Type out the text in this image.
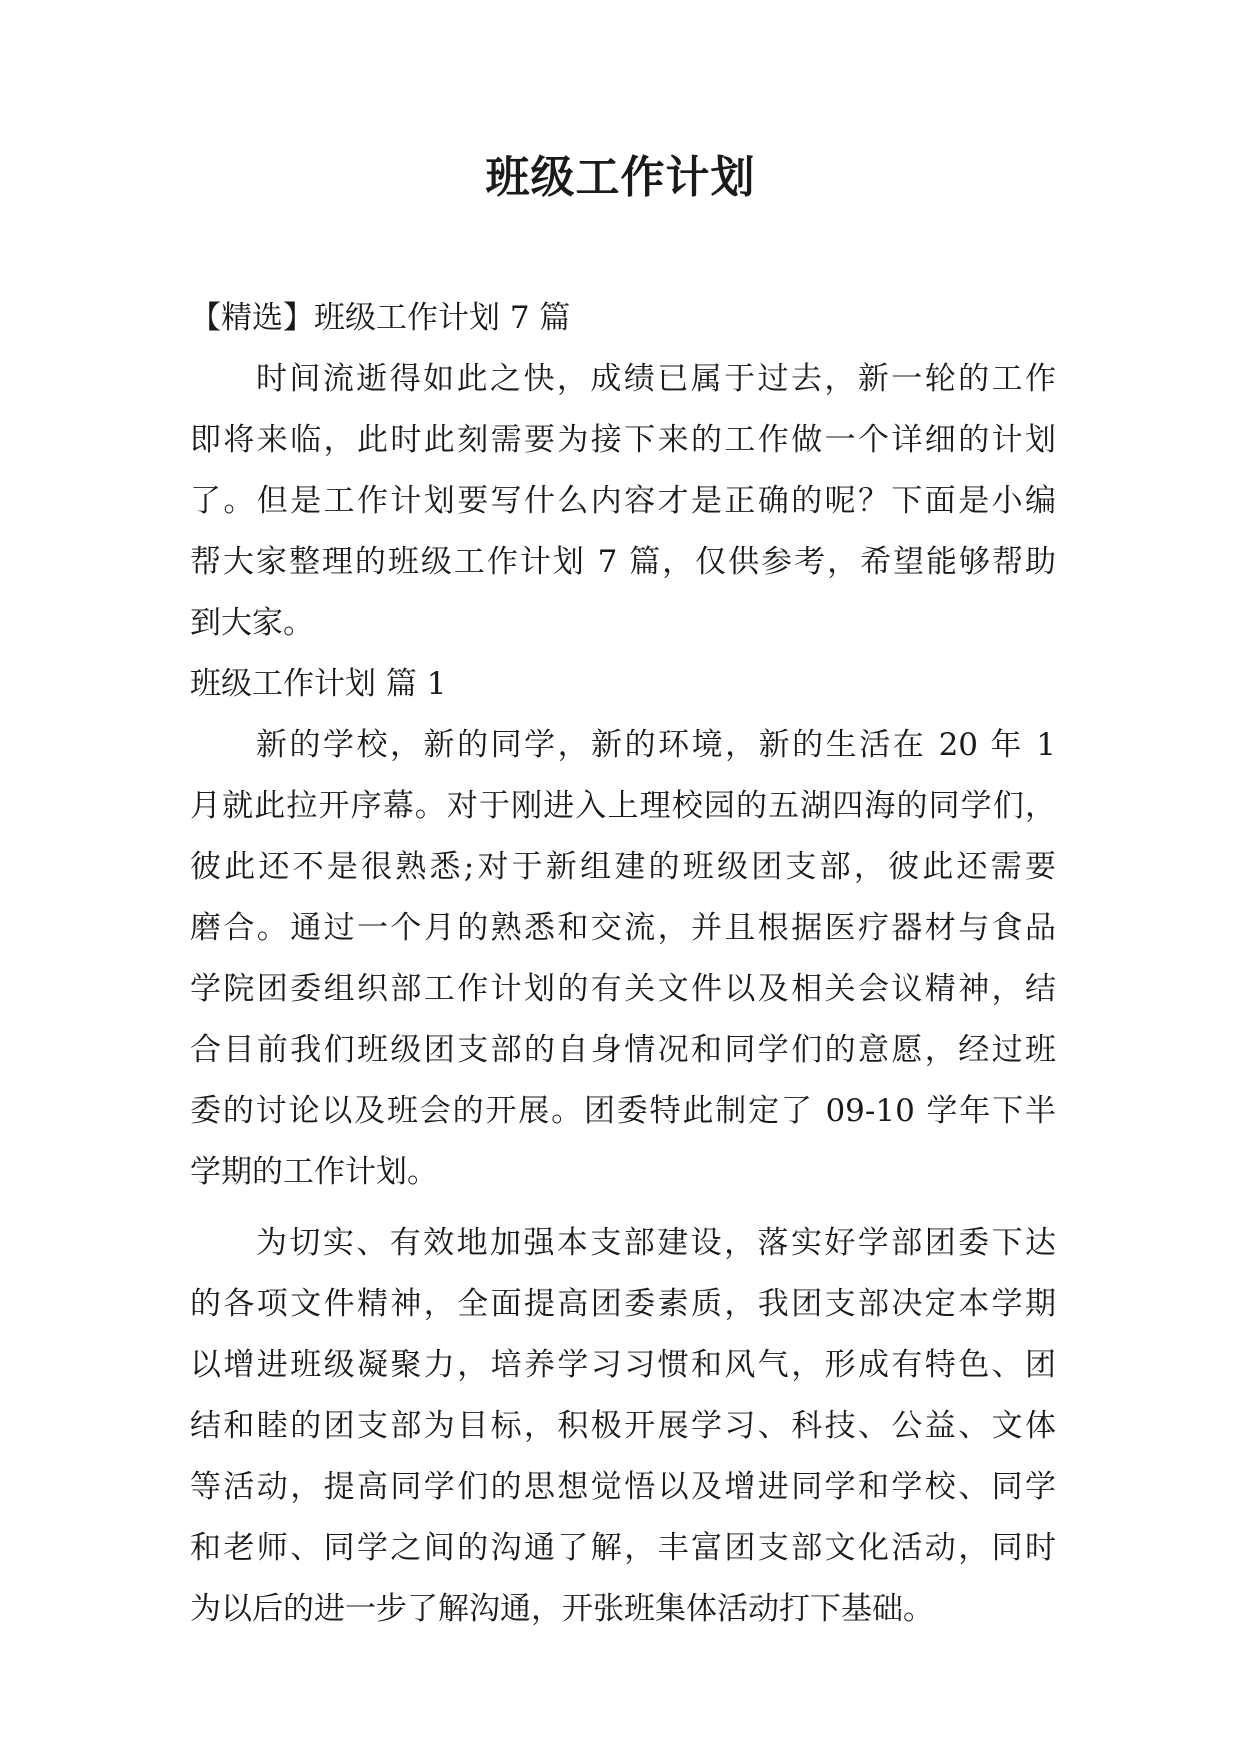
班级工作计划
【精选】班级工作计划 7 篇
时间流逝得如此之快，成绩已属于过去，新一轮的工作
即将来临，此时此刻需要为接下来的工作做一个详细的计划
了。但是工作计划要写什么内容才是正确的呢？下面是小编
帮大家整理的班级工作计划 7 篇，仅供参考，希望能够帮助
到大家。
班级工作计划 篇 1
新的学校，新的同学，新的环境，新的生活在 20 年 1
月就此拉开序幕。对于刚进入上理校园的五湖四海的同学们，
彼此还不是很熟悉;对于新组建的班级团支部，彼此还需要
磨合。通过一个月的熟悉和交流，并且根据医疗器材与食品
学院团委组织部工作计划的有关文件以及相关会议精神，结
合目前我们班级团支部的自身情况和同学们的意愿，经过班
委的讨论以及班会的开展。团委特此制定了 09-10 学年下半
学期的工作计划。
为切实、有效地加强本支部建设，落实好学部团委下达
的各项文件精神，全面提高团委素质，我团支部决定本学期
以增进班级凝聚力，培养学习习惯和风气，形成有特色、团
结和睦的团支部为目标，积极开展学习、科技、公益、文体
等活动，提高同学们的思想觉悟以及增进同学和学校、同学
和老师、同学之间的沟通了解，丰富团支部文化活动，同时
为以后的进一步了解沟通，开张班集体活动打下基础。
